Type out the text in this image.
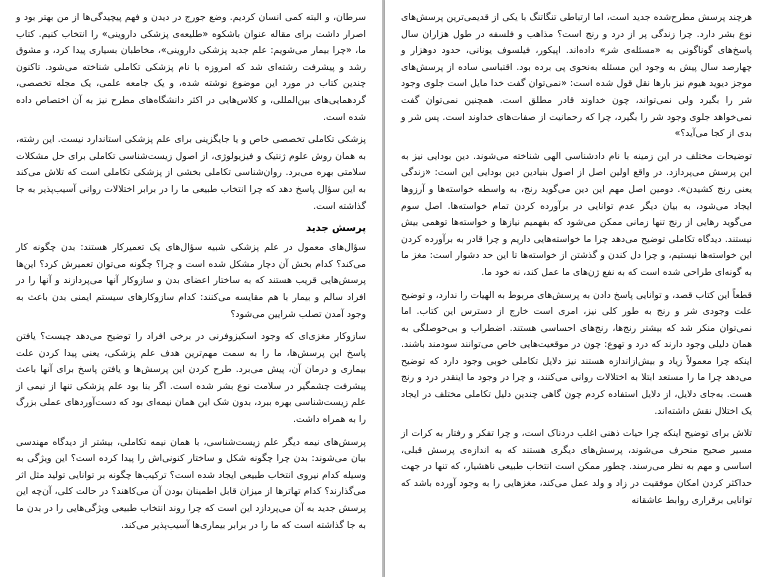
سرطان، و البته کمی انسان کردیم. وضع جورج در دیدن و فهم پیچیدگی‌ها از من بهتر بود و اصرار داشت برای مقاله عنوان باشکوه «طلیعه‌ی پزشکی داروینی» را انتخاب کنیم. کتاب ما، «چرا بیمار می‌شویم: علم جدید پزشکی داروینی»، مخاطبان بسیاری پیدا کرد، و مشوق رشد و پیشرفت رشته‌ای شد که امروزه با نام پزشکی تکاملی شناخته می‌شود. تاکنون چندین کتاب در مورد این موضوع نوشته شده، و یک جامعه علمی، یک مجله تخصصی، گردهمایی‌های بین‌المللی، و کلاس‌هایی در اکثر دانشگاه‌های مطرح نیز به آن اختصاص داده شده است.

پزشکی تکاملی تخصصی خاص و یا جایگزینی برای علم پزشکی استاندارد نیست. این رشته، به همان روش علوم ژنتیک و فیزیولوژی، از اصول زیست‌شناسی تکاملی برای حل مشکلات سلامتی بهره می‌برد. روان‌شناسی تکاملی بخشی از پزشکی تکاملی است که تلاش می‌کند به این سؤال پاسخ دهد که چرا انتخاب طبیعی ما را در برابر اختلالات روانی آسیب‌پذیر به جا گذاشته است.

پرسش جدید

سؤال‌های معمول در علم پزشکی شبیه سؤال‌های یک تعمیرکار هستند: بدن چگونه کار می‌کند؟ کدام بخش آن دچار مشکل شده است و چرا؟ چگونه می‌توان تعمیرش کرد؟ این‌ها پرسش‌هایی قریب هستند که به ساختار اعضای بدن و سازوکار آنها می‌پردازند و آنها را در افراد سالم و بیمار با هم مقایسه می‌کنند: کدام سازوکارهای سیستم ایمنی بدن باعث به وجود آمدن تصلب شرایین می‌شود؟

سازوکار مغزی‌ای که وجود اسکیزوفرنی در برخی افراد را توضیح می‌دهد چیست؟ یافتن پاسخ این پرسش‌ها، ما را به سمت مهم‌ترین هدف علم پزشکی، یعنی پیدا کردن علت بیماری و درمان آن، پیش می‌برد. طرح کردن این پرسش‌ها و یافتن پاسخ برای آنها باعث پیشرفت چشمگیر در سلامت نوع بشر شده است. اگر بنا بود علم پزشکی تنها از نیمی از علم زیست‌شناسی بهره ببرد، بدون شک این همان نیمه‌ای بود که دست‌آوردهای عملی بزرگ را به همراه داشت.

پرسش‌های نیمه دیگر علم زیست‌شناسی، با همان نیمه تکاملی، بیشتر از دیدگاه مهندسی بیان می‌شوند: بدن چرا چگونه شکل و ساختار کنونی‌اش را پیدا کرده است؟ این ویژگی به وسیله کدام نیروی انتخاب طبیعی ایجاد شده است؟ ترکیب‌ها چگونه بر توانایی تولید مثل اثر می‌گذارند؟ کدام تهاتر‌ها از میزان قابل اطمینان بودن آن می‌کاهند؟ در حالت کلی، آن‌چه این پرسش جدید به آن می‌پردازد این است که چرا روند انتخاب طبیعی ویژگی‌هایی را در بدن ما به جا گذاشته است که ما را در برابر بیماری‌ها آسیب‌پذیر می‌کند.

هرچند پرسش مطرح‌شده جدید است، اما ارتباطی تنگاتنگ با یکی از قدیمی‌ترین پرسش‌های نوع بشر دارد. چرا زندگی پر از درد و رنج است؟ مذاهب و فلسفه در طول هزاران سال پاسخ‌های گوناگونی به «مسئله‌ی شر» داده‌اند. اپیکور، فیلسوف یونانی، حدود دوهزار و چهارصد سال پیش به وجود این مسئله به‌نحوی پی برده بود. اقتباسی ساده از پرسش‌های موجز دیوید هیوم نیز بارها نقل قول شده است: «نمی‌توان گفت خدا مایل است جلوی وجود شر را بگیرد ولی نمی‌تواند، چون خداوند قادر مطلق است. همچنین نمی‌توان گفت نمی‌خواهد جلوی وجود شر را بگیرد، چرا که رحمانیت از صفات‌های خداوند است. پس شر و بدی از کجا می‌آید؟»

توضیحات مختلف در این زمینه با نام دادشناسی الهی شناخته می‌شوند. دین بودایی نیز به این پرسش می‌پردازد. در واقع اولین اصل از اصول بنیادین دین بودایی این است: «زندگی یعنی رنج کشیدن». دومین اصل مهم این دین می‌گوید رنج، به واسطه خواسته‌ها و آرزوها ایجاد می‌شود، به بیان دیگر عدم توانایی در برآورده کردن تمام خواسته‌ها. اصل سوم می‌گوید رهایی از رنج تنها زمانی ممکن می‌شود که بفهمیم نیازها و خواسته‌ها توهمی بیش نیستند. دیدگاه تکاملی توضیح می‌دهد چرا ما خواسته‌هایی داریم و چرا قادر به برآورده کردن این خواسته‌ها نیستیم، و چرا دل کندن و گذشتن از خواسته‌ها تا این حد دشوار است: مغز ما به گونه‌ای طراحی شده است که به نفع ژن‌های ما عمل کند، نه خود ما.

قطعاً این کتاب قصد، و توانایی پاسخ دادن به پرسش‌های مربوط به الهیات را ندارد، و توضیح علت وجودی شر و رنج به طور کلی نیز، امری است خارج از دسترس این کتاب. اما نمی‌توان منکر شد که بیشتر رنج‌ها، رنج‌های احساسی هستند. اضطراب و بی‌حوصلگی به همان دلیلی وجود دارند که درد و تهوع: چون در موقعیت‌هایی خاص می‌توانند سودمند باشند. اینکه چرا معمولاً زیاد و بیش‌ازاندازه هستند نیز دلایل تکاملی خوبی وجود دارد که توضیح می‌دهد چرا ما را مستعد ابتلا به اختلالات روانی می‌کنند، و چرا در وجود ما اینقدر درد و رنج هست. به‌جای دلایل، از دلایل استفاده کردم چون گاهی چندین دلیل تکاملی مختلف در ایجاد یک اختلال نقش داشته‌اند.

تلاش برای توضیح اینکه چرا حیات ذهنی اغلب دردناک است، و چرا تفکر و رفتار به کرات از مسیر صحیح منحرف می‌شوند، پرسش‌های دیگری هستند که به اندازه‌ی پرسش قبلی، اساسی و مهم به نظر می‌رسند. چطور ممکن است انتخاب طبیعی ناهشیار، که تنها در جهت حداکثر کردن امکان موفقیت در زاد و ولد عمل می‌کند، مغزهایی را به وجود آورده باشد که توانایی برقراری روابط عاشقانه
